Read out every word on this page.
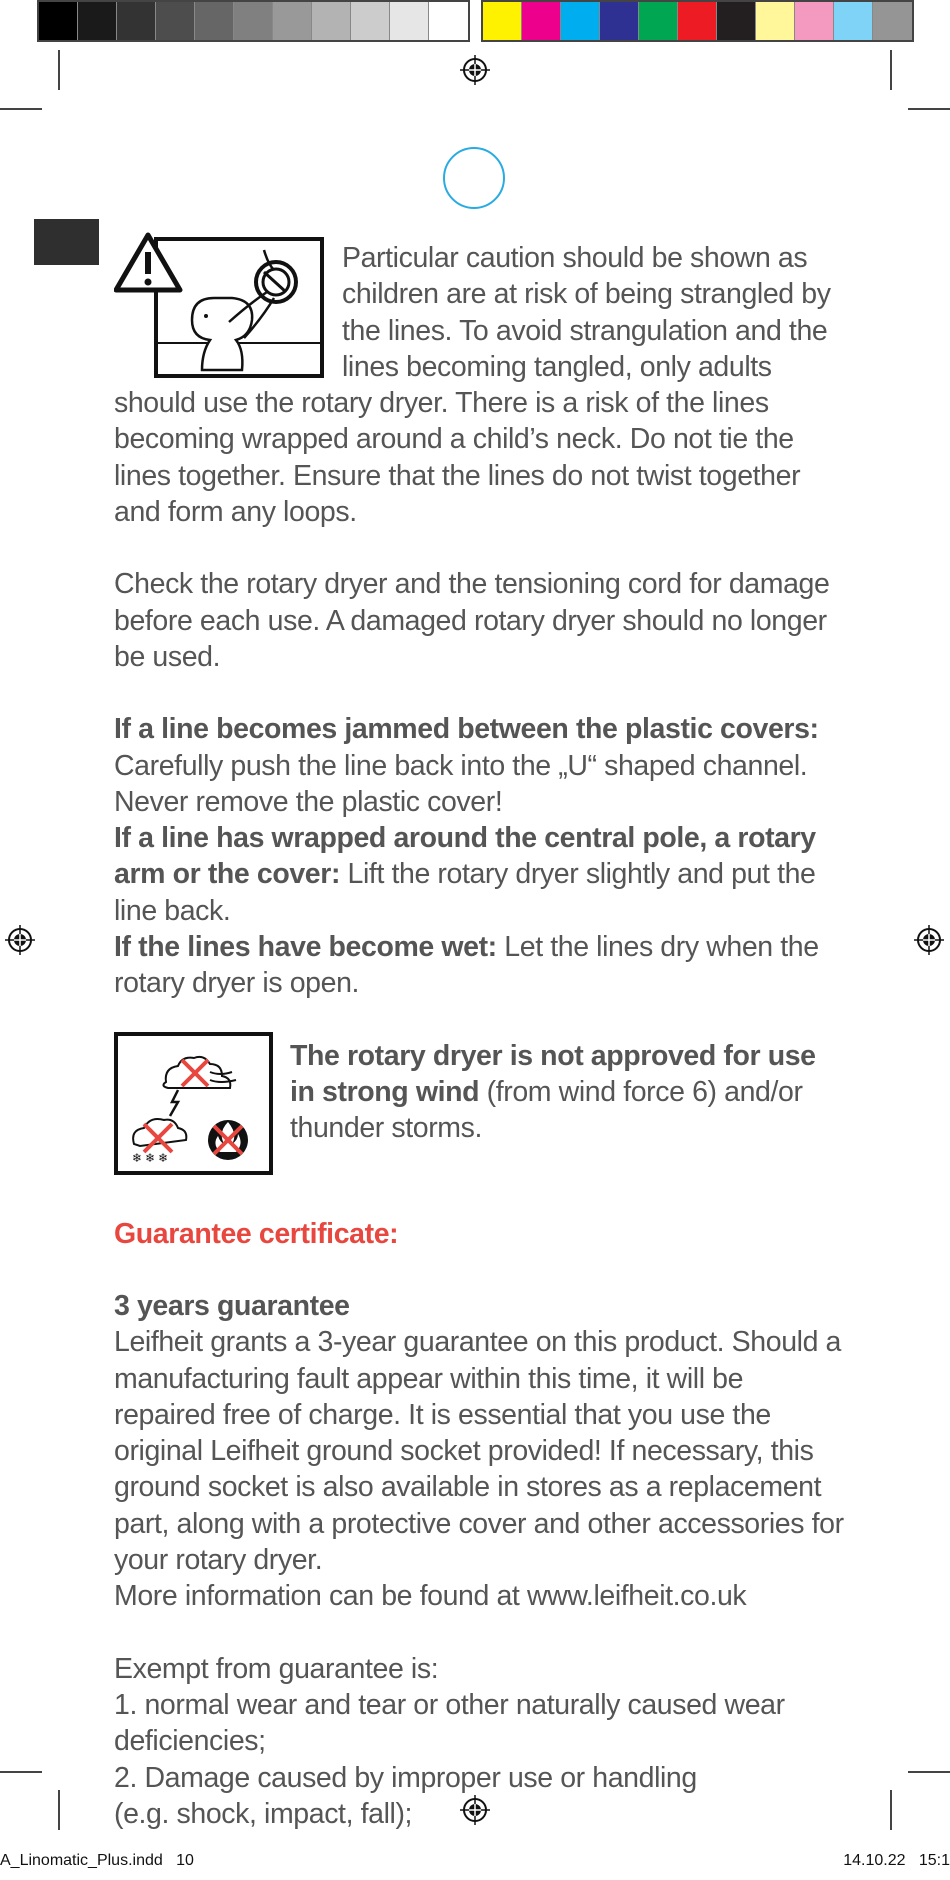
Particular caution should be shown as children are at risk of being strangled by the lines. To avoid strangulation and the lines becoming tangled, only adults should use the rotary dryer. There is a risk of the lines becoming wrapped around a child’s neck. Do not tie the lines together. Ensure that the lines do not twist together and form any loops.

Check the rotary dryer and the tensioning cord for damage before each use. A damaged rotary dryer should no longer be used.

If a line becomes jammed between the plastic covers:

Carefully push the line back into the „U“ shaped channel. Never remove the plastic cover!

If a line has wrapped around the central pole, a rotary arm or the cover: Lift the rotary dryer slightly and put the line back.

If the lines have become wet: Let the lines dry when the rotary dryer is open.

❄ ❄ ❄

The rotary dryer is not approved for use in strong wind (from wind force 6) and/or thunder storms.

Guarantee certificate:

3 years guarantee

Leifheit grants a 3-year guarantee on this product. Should a manufacturing fault appear within this time, it will be repaired free of charge. It is essential that you use the original Leifheit ground socket provided! If necessary, this ground socket is also available in stores as a replacement part, along with a protective cover and other accessories for your rotary dryer.

More information can be found at www.leifheit.co.uk

Exempt from guarantee is:

1. normal wear and tear or other naturally caused wear

deficiencies;

2. Damage caused by improper use or handling

(e.g. shock, impact, fall);

A_Linomatic_Plus.indd   10	14.10.22   15:1
